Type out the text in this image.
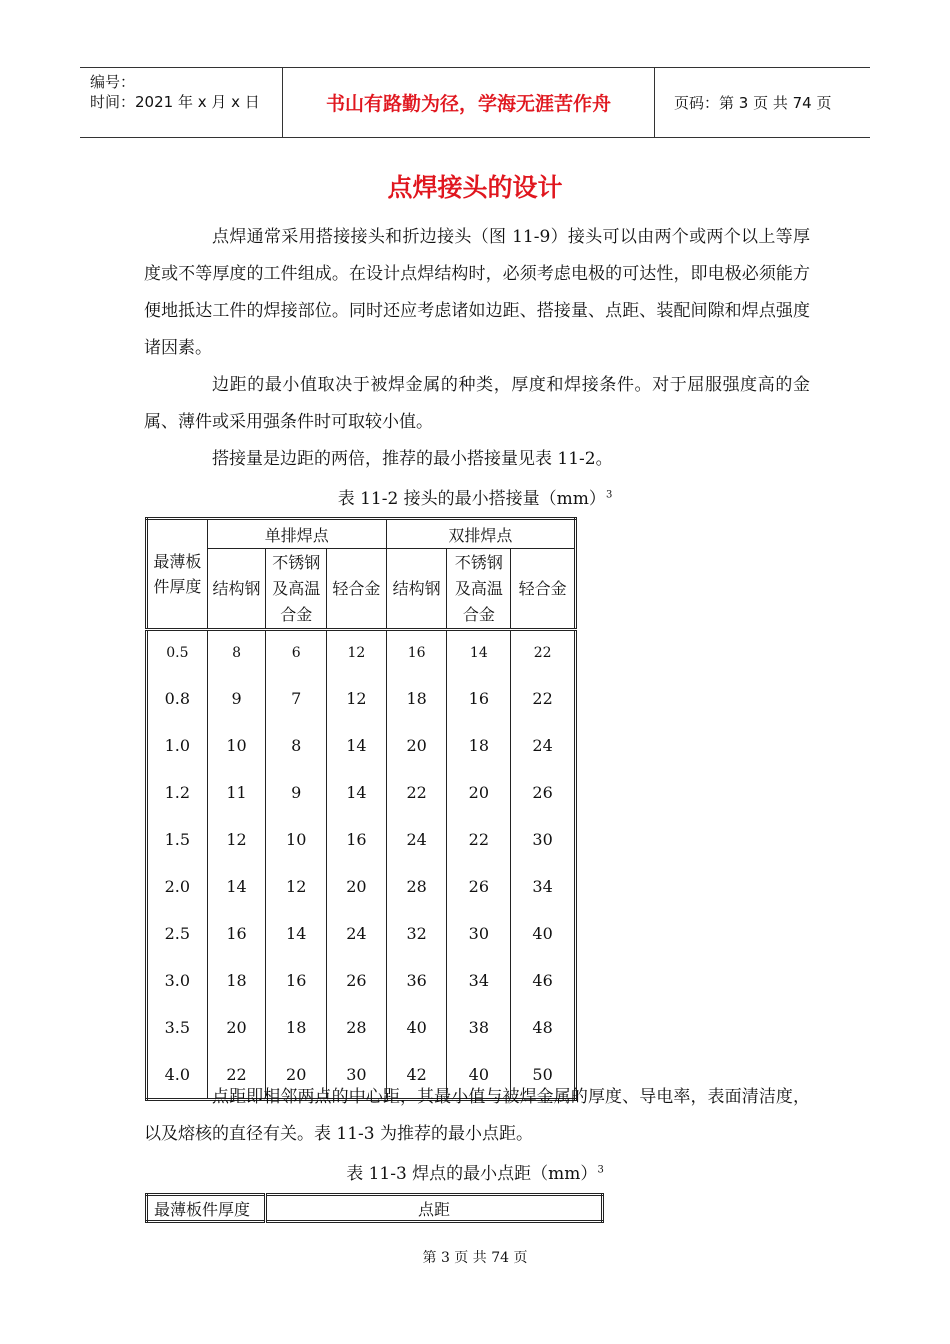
编号：
时间：2021 年 x 月 x 日	书山有路勤为径，学海无涯苦作舟	页码：第 3 页 共 74 页
点焊接头的设计

点焊通常采用搭接接头和折边接头（图 11-9）接头可以由两个或两个以上等厚度或不等厚度的工件组成。在设计点焊结构时，必须考虑电极的可达性，即电极必须能方便地抵达工件的焊接部位。同时还应考虑诸如边距、搭接量、点距、装配间隙和焊点强度诸因素。

边距的最小值取决于被焊金属的种类，厚度和焊接条件。对于屈服强度高的金属、薄件或采用强条件时可取较小值。

搭接量是边距的两倍，推荐的最小搭接量见表 11-2。

表 11-2 接头的最小搭接量（mm）$^3$
最薄板件厚度	单排焊点			双排焊点		
	结构钢	不锈钢及高温合金	轻合金	结构钢	不锈钢及高温合金	轻合金
0.5	8	6	12	16	14	22
0.8	9	7	12	18	16	22
1.0	10	8	14	20	18	24
1.2	11	9	14	22	20	26
1.5	12	10	16	24	22	30
2.0	14	12	20	28	26	34
2.5	16	14	24	32	30	40
3.0	18	16	26	36	34	46
3.5	20	18	28	40	38	48
4.0	22	20	30	42	40	50

点距即相邻两点的中心距，其最小值与被焊金属的厚度、导电率，表面清洁度，以及熔核的直径有关。表 11-3 为推荐的最小点距。

表 11-3 焊点的最小点距（mm）$^3$
最薄板件厚度	点距
第 3 页 共 74 页
